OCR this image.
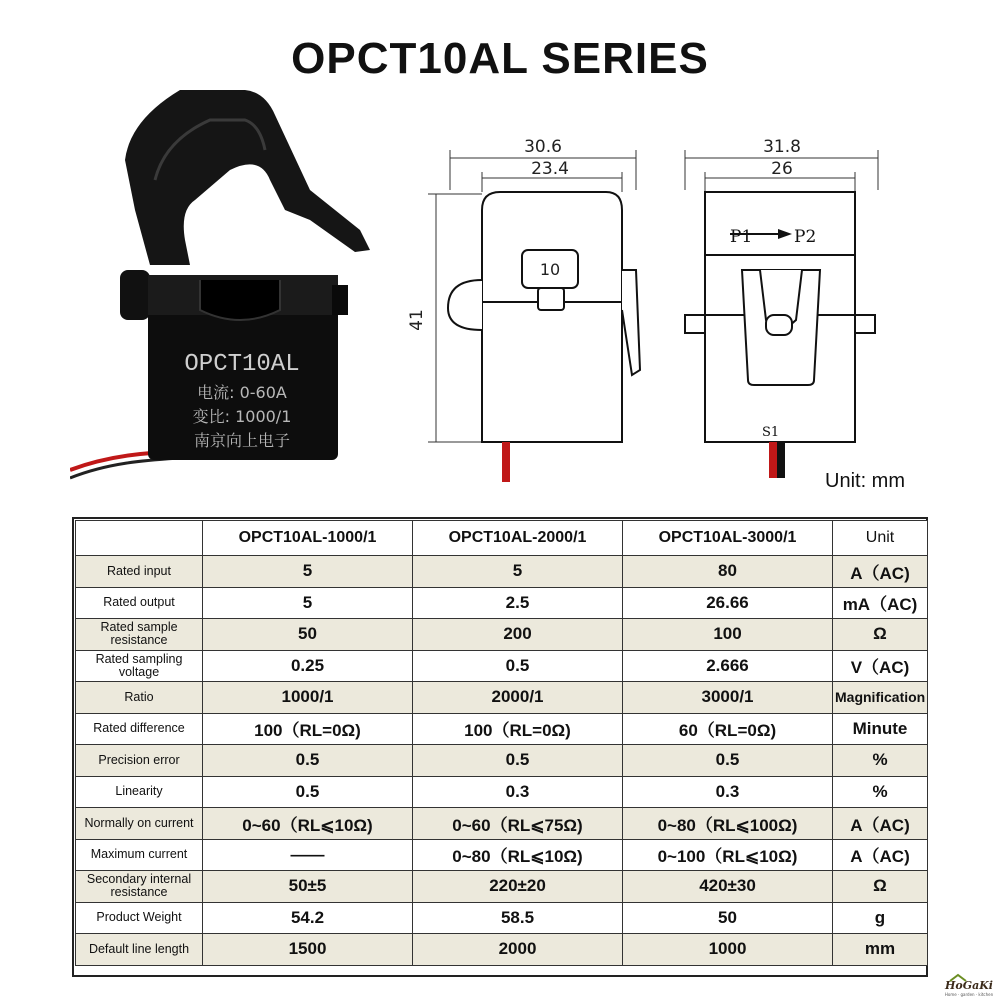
OPCT10AL SERIES
OPCT10AL
电流: 0-60A
变比: 1000/1
南京向上电子
30.6
23.4
10
41
31.8
26
P1 P2
S1
Unit: mm
	OPCT10AL-1000/1	OPCT10AL-2000/1	OPCT10AL-3000/1	Unit
Rated input	5	5	80	A（AC)
Rated output	5	2.5	26.66	mA（AC)
Rated sample resistance	50	200	100	Ω
Rated sampling voltage	0.25	0.5	2.666	V（AC)
Ratio	1000/1	2000/1	3000/1	Magnification
Rated difference	100（RL=0Ω)	100（RL=0Ω)	60（RL=0Ω)	Minute
Precision error	0.5	0.5	0.5	%
Linearity	0.5	0.3	0.3	%
Normally on current	0~60（RL⩽10Ω)	0~60（RL⩽75Ω)	0~80（RL⩽100Ω)	A（AC)
Maximum current	——	0~80（RL⩽10Ω)	0~100（RL⩽10Ω)	A（AC)
Secondary internal resistance	50±5	220±20	420±30	Ω
Product Weight	54.2	58.5	50	g
Default line length	1500	2000	1000	mm
HoGaKi
Home · garden · kitchen
